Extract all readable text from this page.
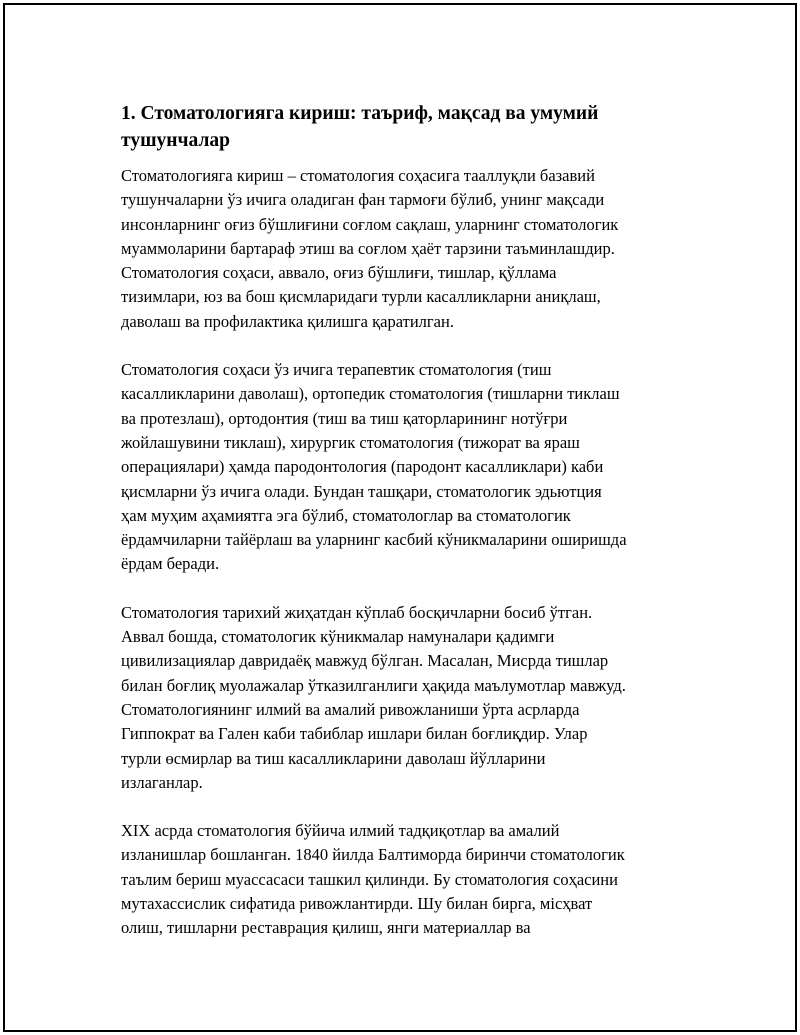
1. Стоматологияга кириш: таъриф, мақсад ва умумий
тушунчалар

Стоматологияга кириш – стоматология соҳасига тааллуқли базавий
тушунчаларни ўз ичига оладиган фан тармоғи бўлиб, унинг мақсади
инсонларнинг оғиз бўшлиғини соғлом сақлаш, уларнинг стоматологик
муаммоларини бартараф этиш ва соғлом ҳаёт тарзини таъминлашдир.
Стоматология соҳаси, аввало, оғиз бўшлиғи, тишлар, қўллама
тизимлари, юз ва бош қисмларидаги турли касалликларни аниқлаш,
даволаш ва профилактика қилишга қаратилган.

Стоматология соҳаси ўз ичига терапевтик стоматология (тиш
касалликларини даволаш), ортопедик стоматология (тишларни тиклаш
ва протезлаш), ортодонтия (тиш ва тиш қаторларининг нотўғри
жойлашувини тиклаш), хирургик стоматология (тижорат ва яраш
операциялари) ҳамда пародонтология (пародонт касалликлари) каби
қисмларни ўз ичига олади. Бундан ташқари, стоматологик эдьютция
ҳам муҳим аҳамиятга эга бўлиб, стоматологлар ва стоматологик
ёрдамчиларни тайёрлаш ва уларнинг касбий кўникмаларини оширишда
ёрдам беради.

Стоматология тарихий жиҳатдан кўплаб босқичларни босиб ўтган.
Аввал бошда, стоматологик кўникмалар намуналари қадимги
цивилизациялар давридаёқ мавжуд бўлган. Масалан, Мисрда тишлар
билан боғлиқ муолажалар ўтказилганлиги ҳақида маълумотлар мавжуд.
Стоматологиянинг илмий ва амалий ривожланиши ўрта асрларда
Гиппократ ва Гален каби табиблар ишлари билан боғлиқдир. Улар
турли өсмирлар ва тиш касалликларини даволаш йўлларини
излаганлар.

XIX асрда стоматология бўйича илмий тадқиқотлар ва амалий
изланишлар бошланган. 1840 йилда Балтиморда биринчи стоматологик
таълим бериш муассасаси ташкил қилинди. Бу стоматология соҳасини
мутахассислик сифатида ривожлантирди. Шу билан бирга, місҳват
олиш, тишларни реставрация қилиш, янги материаллар ва
